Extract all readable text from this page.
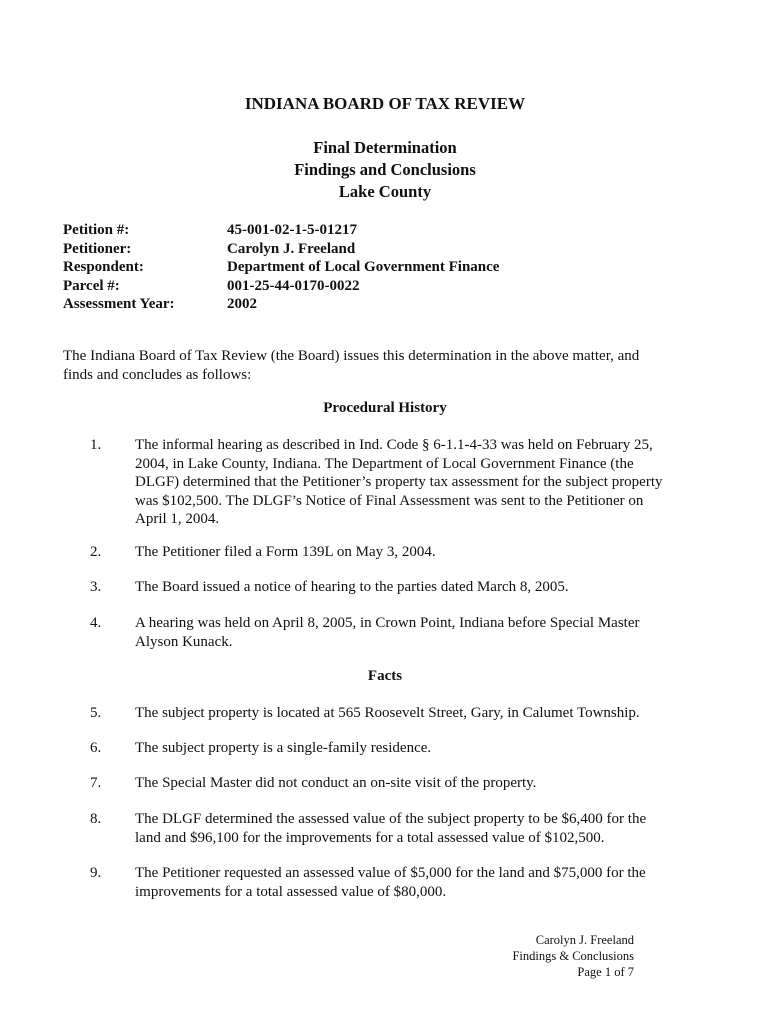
INDIANA BOARD OF TAX REVIEW

Final Determination

Findings and Conclusions

Lake County

Petition #:	45-001-02-1-5-01217
Petitioner:	Carolyn J. Freeland
Respondent:	Department of Local Government Finance
Parcel #:	001-25-44-0170-0022
Assessment Year:	2002

The Indiana Board of Tax Review (the Board) issues this determination in the above matter, and finds and concludes as follows:

Procedural History
1. The informal hearing as described in Ind. Code § 6-1.1-4-33 was held on February 25, 2004, in Lake County, Indiana. The Department of Local Government Finance (the DLGF) determined that the Petitioner’s property tax assessment for the subject property was $102,500. The DLGF’s Notice of Final Assessment was sent to the Petitioner on April 1, 2004.

2. The Petitioner filed a Form 139L on May 3, 2004.

3. The Board issued a notice of hearing to the parties dated March 8, 2005.

4. A hearing was held on April 8, 2005, in Crown Point, Indiana before Special Master Alyson Kunack.

Facts
5. The subject property is located at 565 Roosevelt Street, Gary, in Calumet Township.

6. The subject property is a single-family residence.

7. The Special Master did not conduct an on-site visit of the property.

8. The DLGF determined the assessed value of the subject property to be $6,400 for the land and $96,100 for the improvements for a total assessed value of $102,500.

9. The Petitioner requested an assessed value of $5,000 for the land and $75,000 for the improvements for a total assessed value of $80,000.

Carolyn J. Freeland
Findings & Conclusions
Page 1 of 7
